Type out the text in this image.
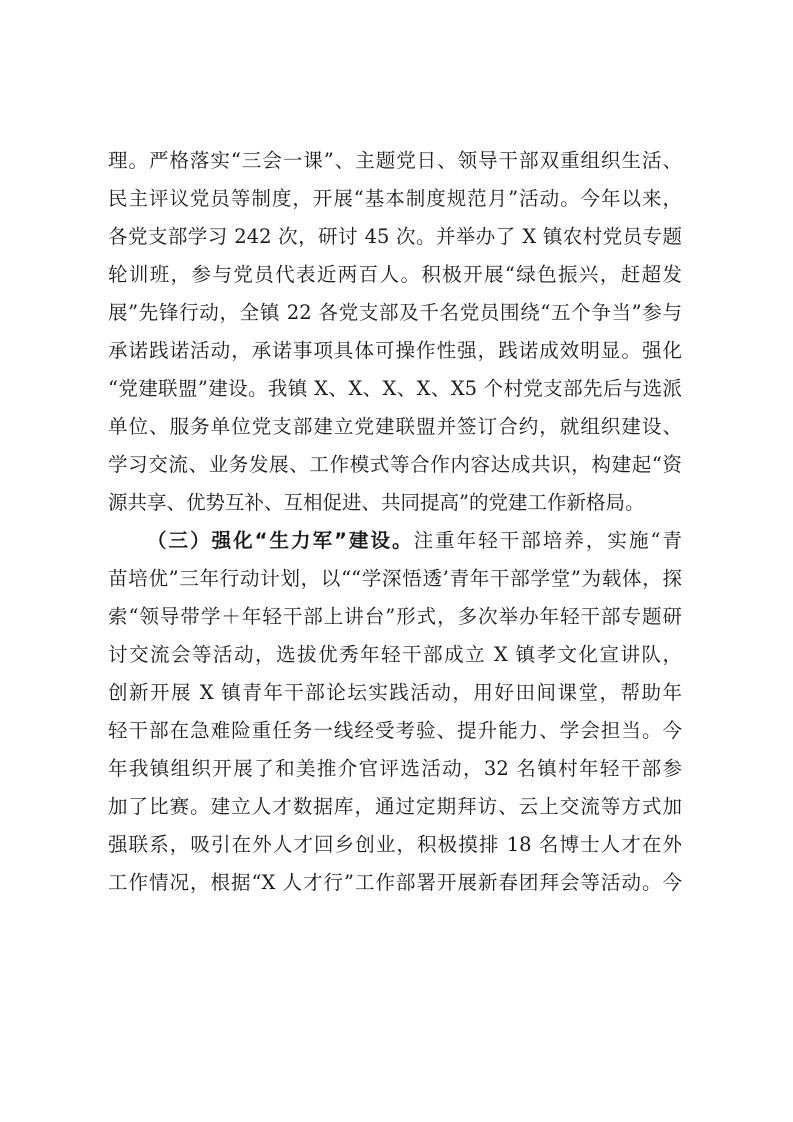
理。严格落实“三会一课”、主题党日、领导干部双重组织生活、
民主评议党员等制度，开展“基本制度规范月”活动。今年以来，
各党支部学习 242 次，研讨 45 次。并举办了 X 镇农村党员专题
轮训班，参与党员代表近两百人。积极开展“绿色振兴，赶超发
展”先锋行动，全镇 22 各党支部及千名党员围绕“五个争当”参与
承诺践诺活动，承诺事项具体可操作性强，践诺成效明显。强化
“党建联盟”建设。我镇 X、X、X、X、X5 个村党支部先后与选派
单位、服务单位党支部建立党建联盟并签订合约，就组织建设、
学习交流、业务发展、工作模式等合作内容达成共识，构建起“资
源共享、优势互补、互相促进、共同提高”的党建工作新格局。
（三）强化“生力军”建设。注重年轻干部培养，实施“青
苗培优”三年行动计划，以““学深悟透’青年干部学堂”为载体，探
索“领导带学＋年轻干部上讲台”形式，多次举办年轻干部专题研
讨交流会等活动，选拔优秀年轻干部成立 X 镇孝文化宣讲队，
创新开展 X 镇青年干部论坛实践活动，用好田间课堂，帮助年
轻干部在急难险重任务一线经受考验、提升能力、学会担当。今
年我镇组织开展了和美推介官评选活动，32 名镇村年轻干部参
加了比赛。建立人才数据库，通过定期拜访、云上交流等方式加
强联系，吸引在外人才回乡创业，积极摸排 18 名博士人才在外
工作情况，根据“X 人才行”工作部署开展新春团拜会等活动。今
